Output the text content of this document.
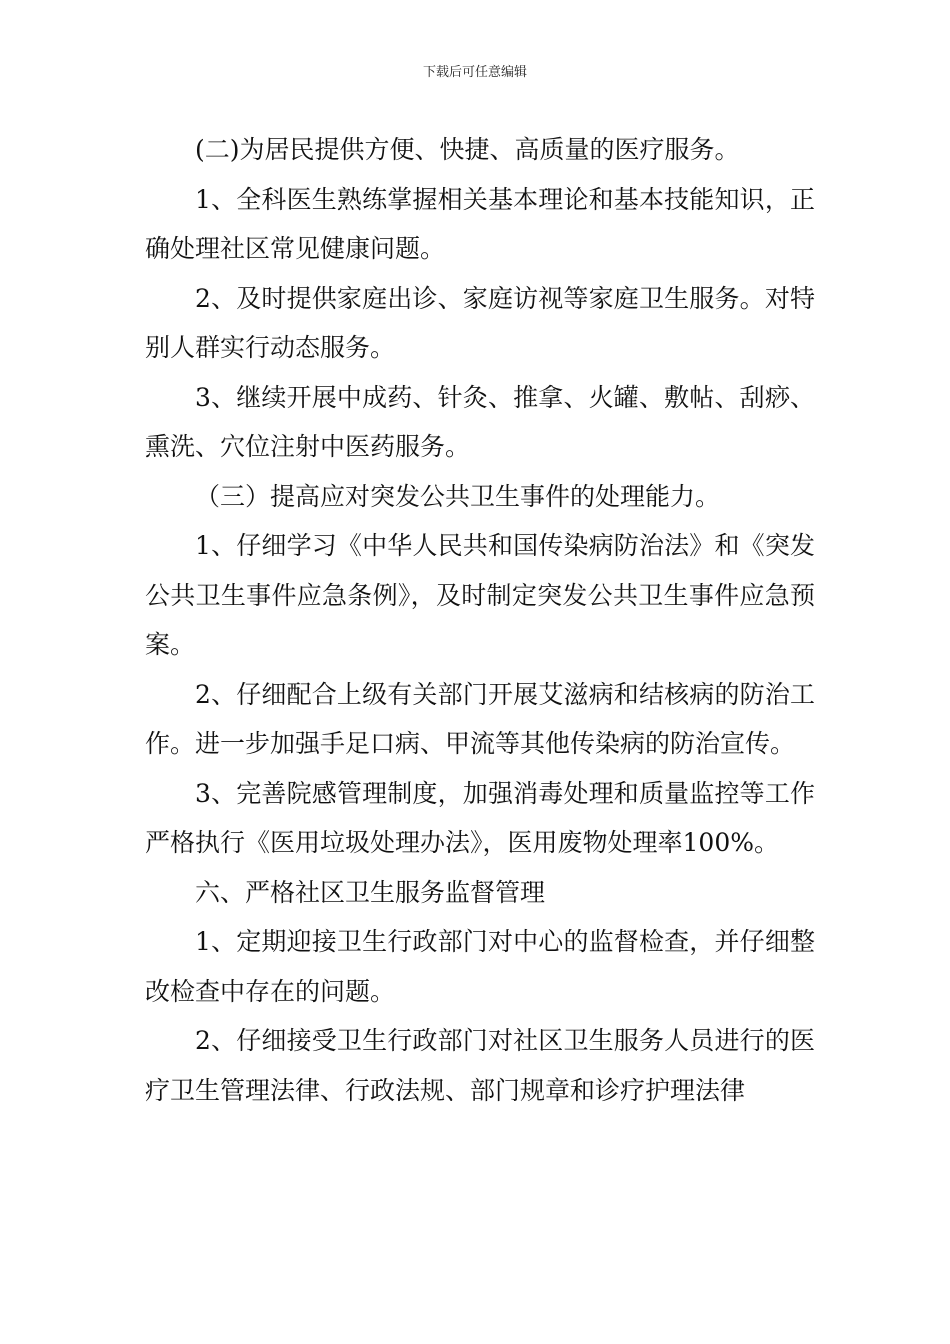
下载后可任意编辑

(二)为居民提供方便、快捷、高质量的医疗服务。

1、全科医生熟练掌握相关基本理论和基本技能知识，正确处理社区常见健康问题。

2、及时提供家庭出诊、家庭访视等家庭卫生服务。对特别人群实行动态服务。

3、继续开展中成药、针灸、推拿、火罐、敷帖、刮痧、熏洗、穴位注射中医药服务。

（三）提高应对突发公共卫生事件的处理能力。

1、仔细学习《中华人民共和国传染病防治法》和《突发公共卫生事件应急条例》，及时制定突发公共卫生事件应急预案。

2、仔细配合上级有关部门开展艾滋病和结核病的防治工作。进一步加强手足口病、甲流等其他传染病的防治宣传。

3、完善院感管理制度，加强消毒处理和质量监控等工作严格执行《医用垃圾处理办法》，医用废物处理率100%。

六、严格社区卫生服务监督管理

1、定期迎接卫生行政部门对中心的监督检查，并仔细整改检查中存在的问题。

2、仔细接受卫生行政部门对社区卫生服务人员进行的医疗卫生管理法律、行政法规、部门规章和诊疗护理法律
